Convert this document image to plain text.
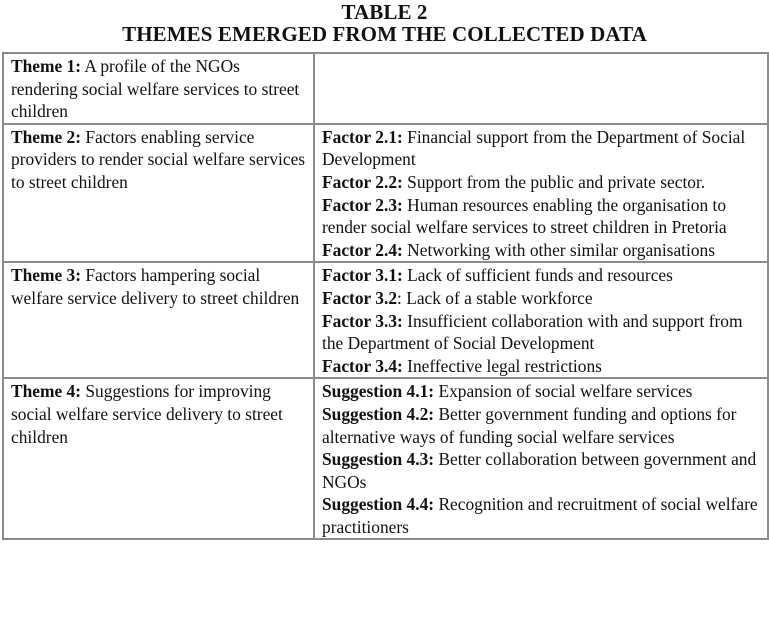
TABLE 2

THEMES EMERGED FROM THE COLLECTED DATA

Theme 1: A profile of the NGOs rendering social welfare services to street children	
Theme 2: Factors enabling service providers to render social welfare services to street children	Factor 2.1: Financial support from the Department of Social Development
Factor 2.2: Support from the public and private sector.
Factor 2.3: Human resources enabling the organisation to render social welfare services to street children in Pretoria
Factor 2.4: Networking with other similar organisations

Theme 3: Factors hampering social welfare service delivery to street children	Factor 3.1: Lack of sufficient funds and resources
Factor 3.2: Lack of a stable workforce
Factor 3.3: Insufficient collaboration with and support from the Department of Social Development
Factor 3.4: Ineffective legal restrictions

Theme 4: Suggestions for improving social welfare service delivery to street children	Suggestion 4.1: Expansion of social welfare services
Suggestion 4.2: Better government funding and options for alternative ways of funding social welfare services
Suggestion 4.3: Better collaboration between government and NGOs
Suggestion 4.4: Recognition and recruitment of social welfare practitioners
